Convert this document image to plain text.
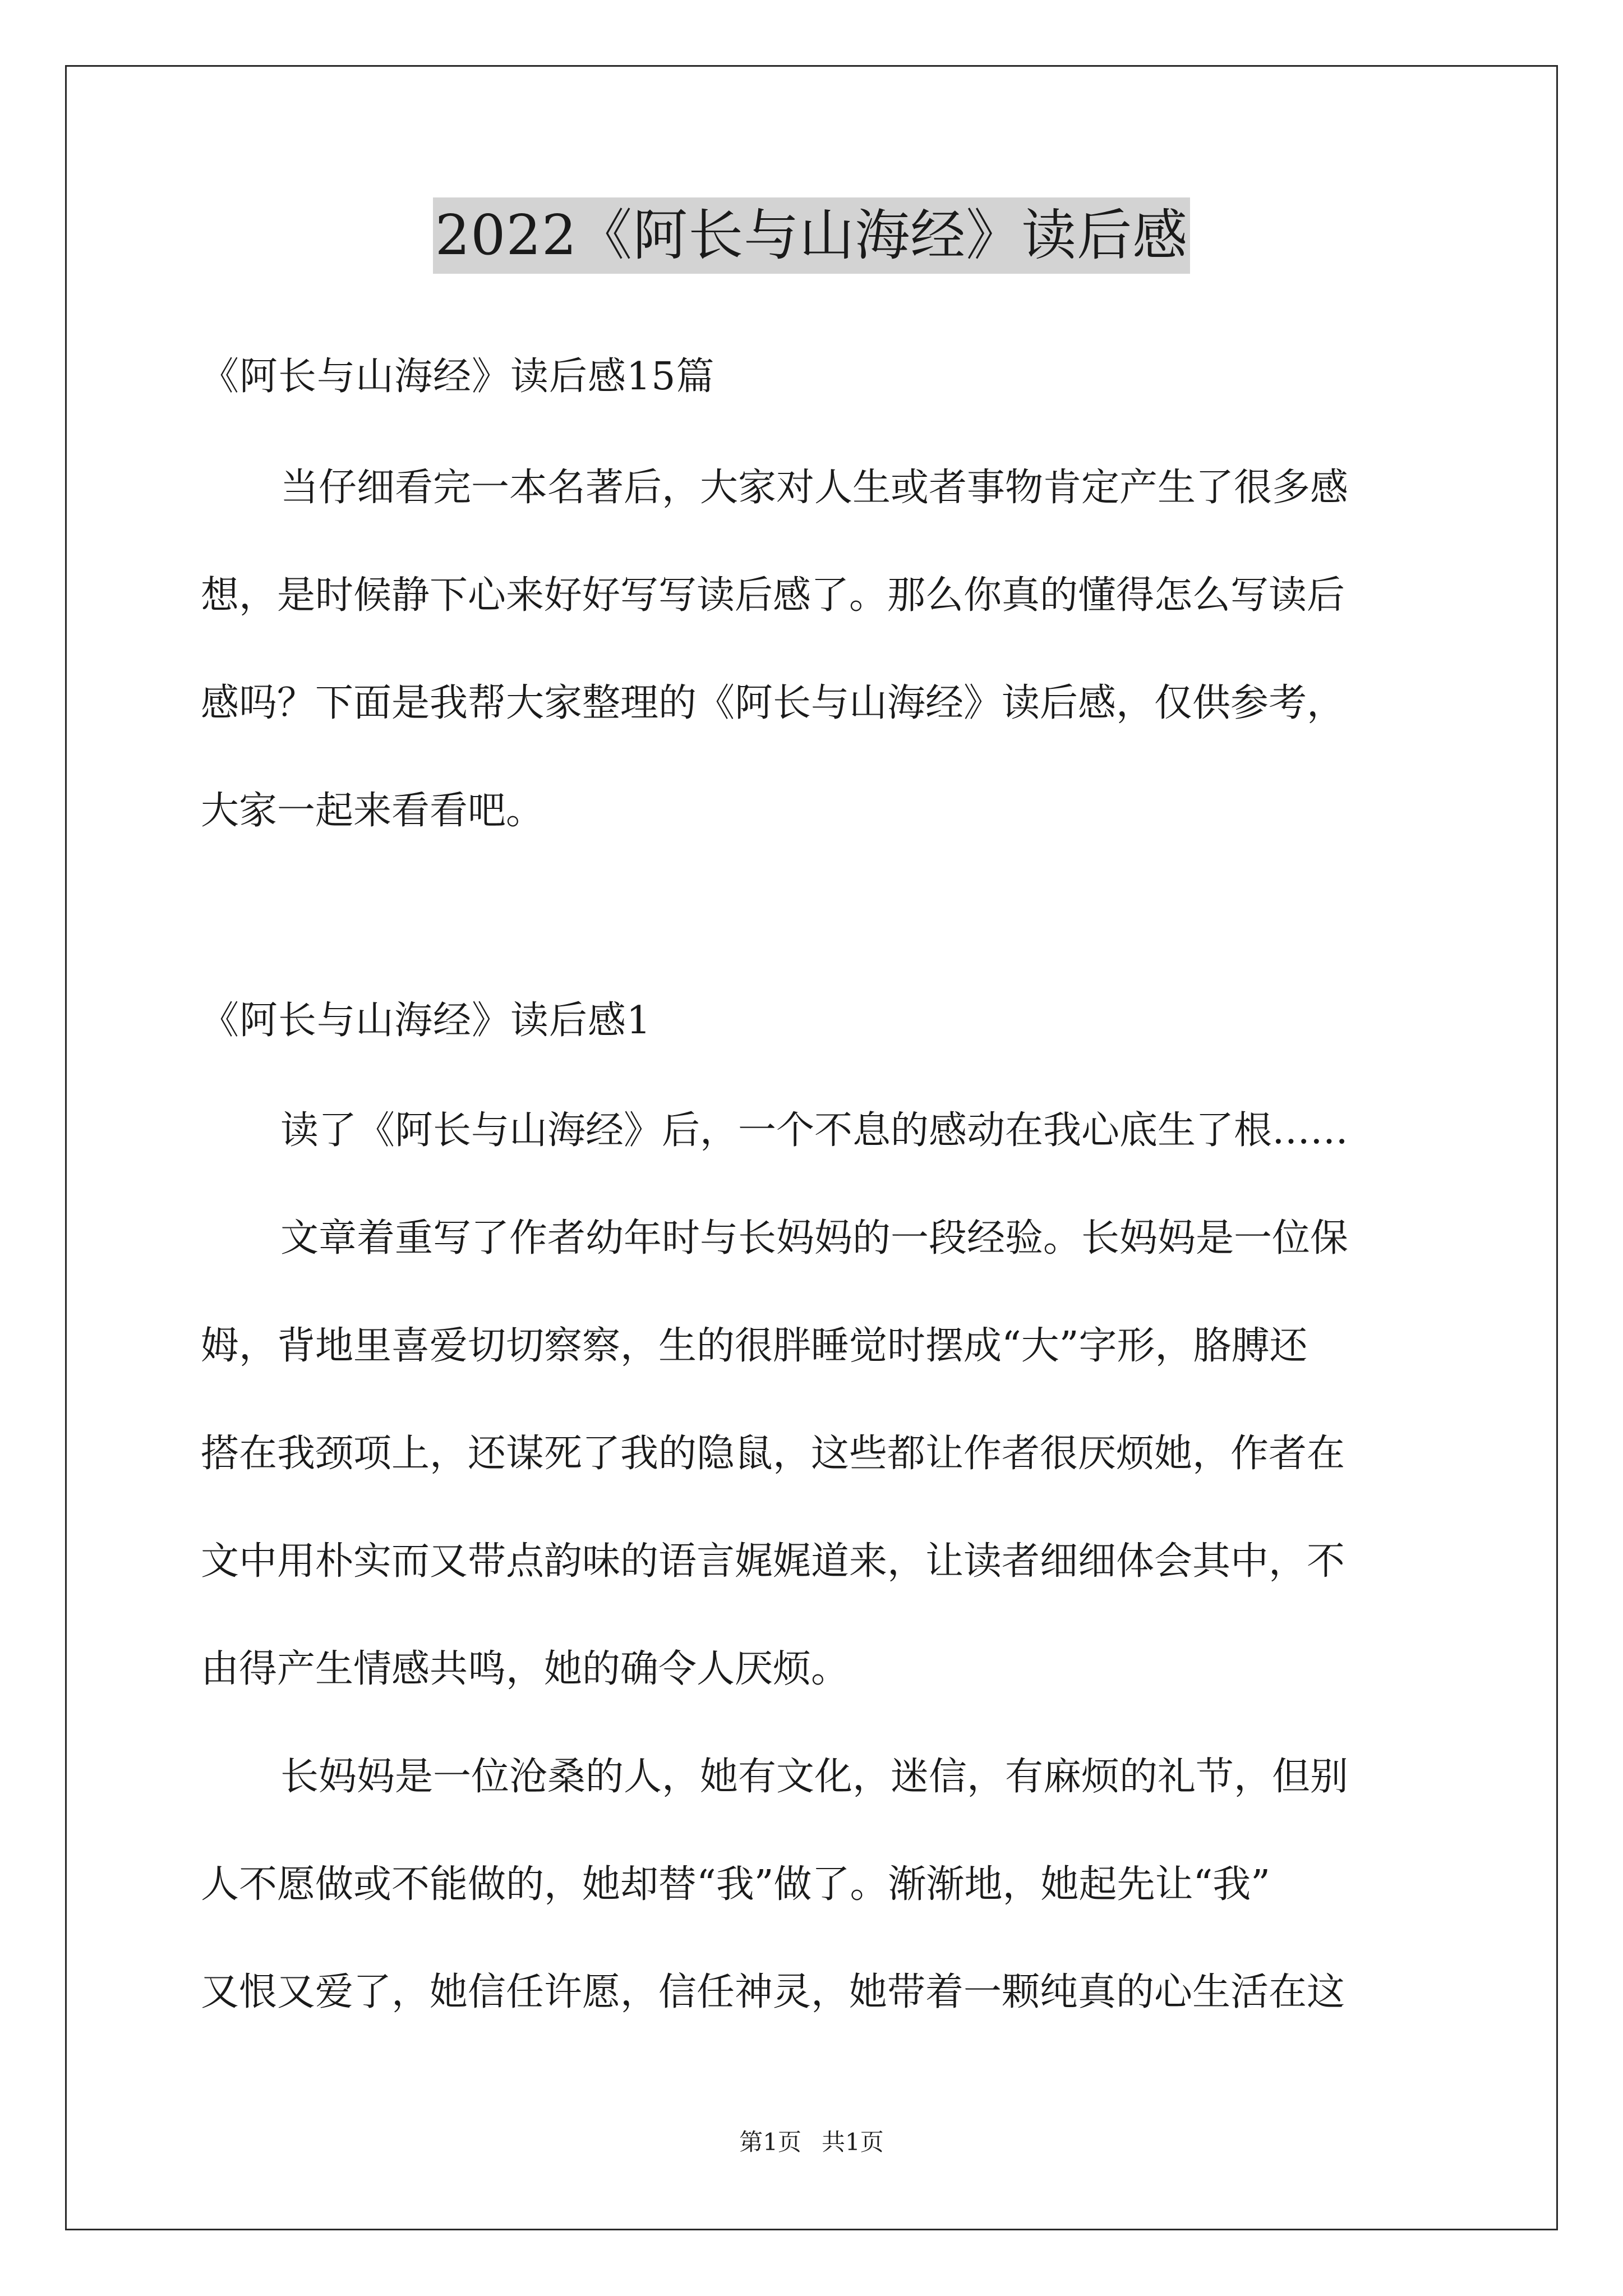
2022《阿长与山海经》读后感
《阿长与山海经》读后感15篇
当仔细看完一本名著后，大家对人生或者事物肯定产生了很多感
想，是时候静下心来好好写写读后感了。那么你真的懂得怎么写读后
感吗？下面是我帮大家整理的《阿长与山海经》读后感，仅供参考，
大家一起来看看吧。
《阿长与山海经》读后感1
读了《阿长与山海经》后，一个不息的感动在我心底生了根……
文章着重写了作者幼年时与长妈妈的一段经验。长妈妈是一位保
姆，背地里喜爱切切察察，生的很胖睡觉时摆成“大”字形，胳膊还
搭在我颈项上，还谋死了我的隐鼠，这些都让作者很厌烦她，作者在
文中用朴实而又带点韵味的语言娓娓道来，让读者细细体会其中，不
由得产生情感共鸣，她的确令人厌烦。
长妈妈是一位沧桑的人，她有文化，迷信，有麻烦的礼节，但别
人不愿做或不能做的，她却替“我”做了。渐渐地，她起先让“我”
又恨又爱了，她信任许愿，信任神灵，她带着一颗纯真的心生活在这
第1页 共1页
